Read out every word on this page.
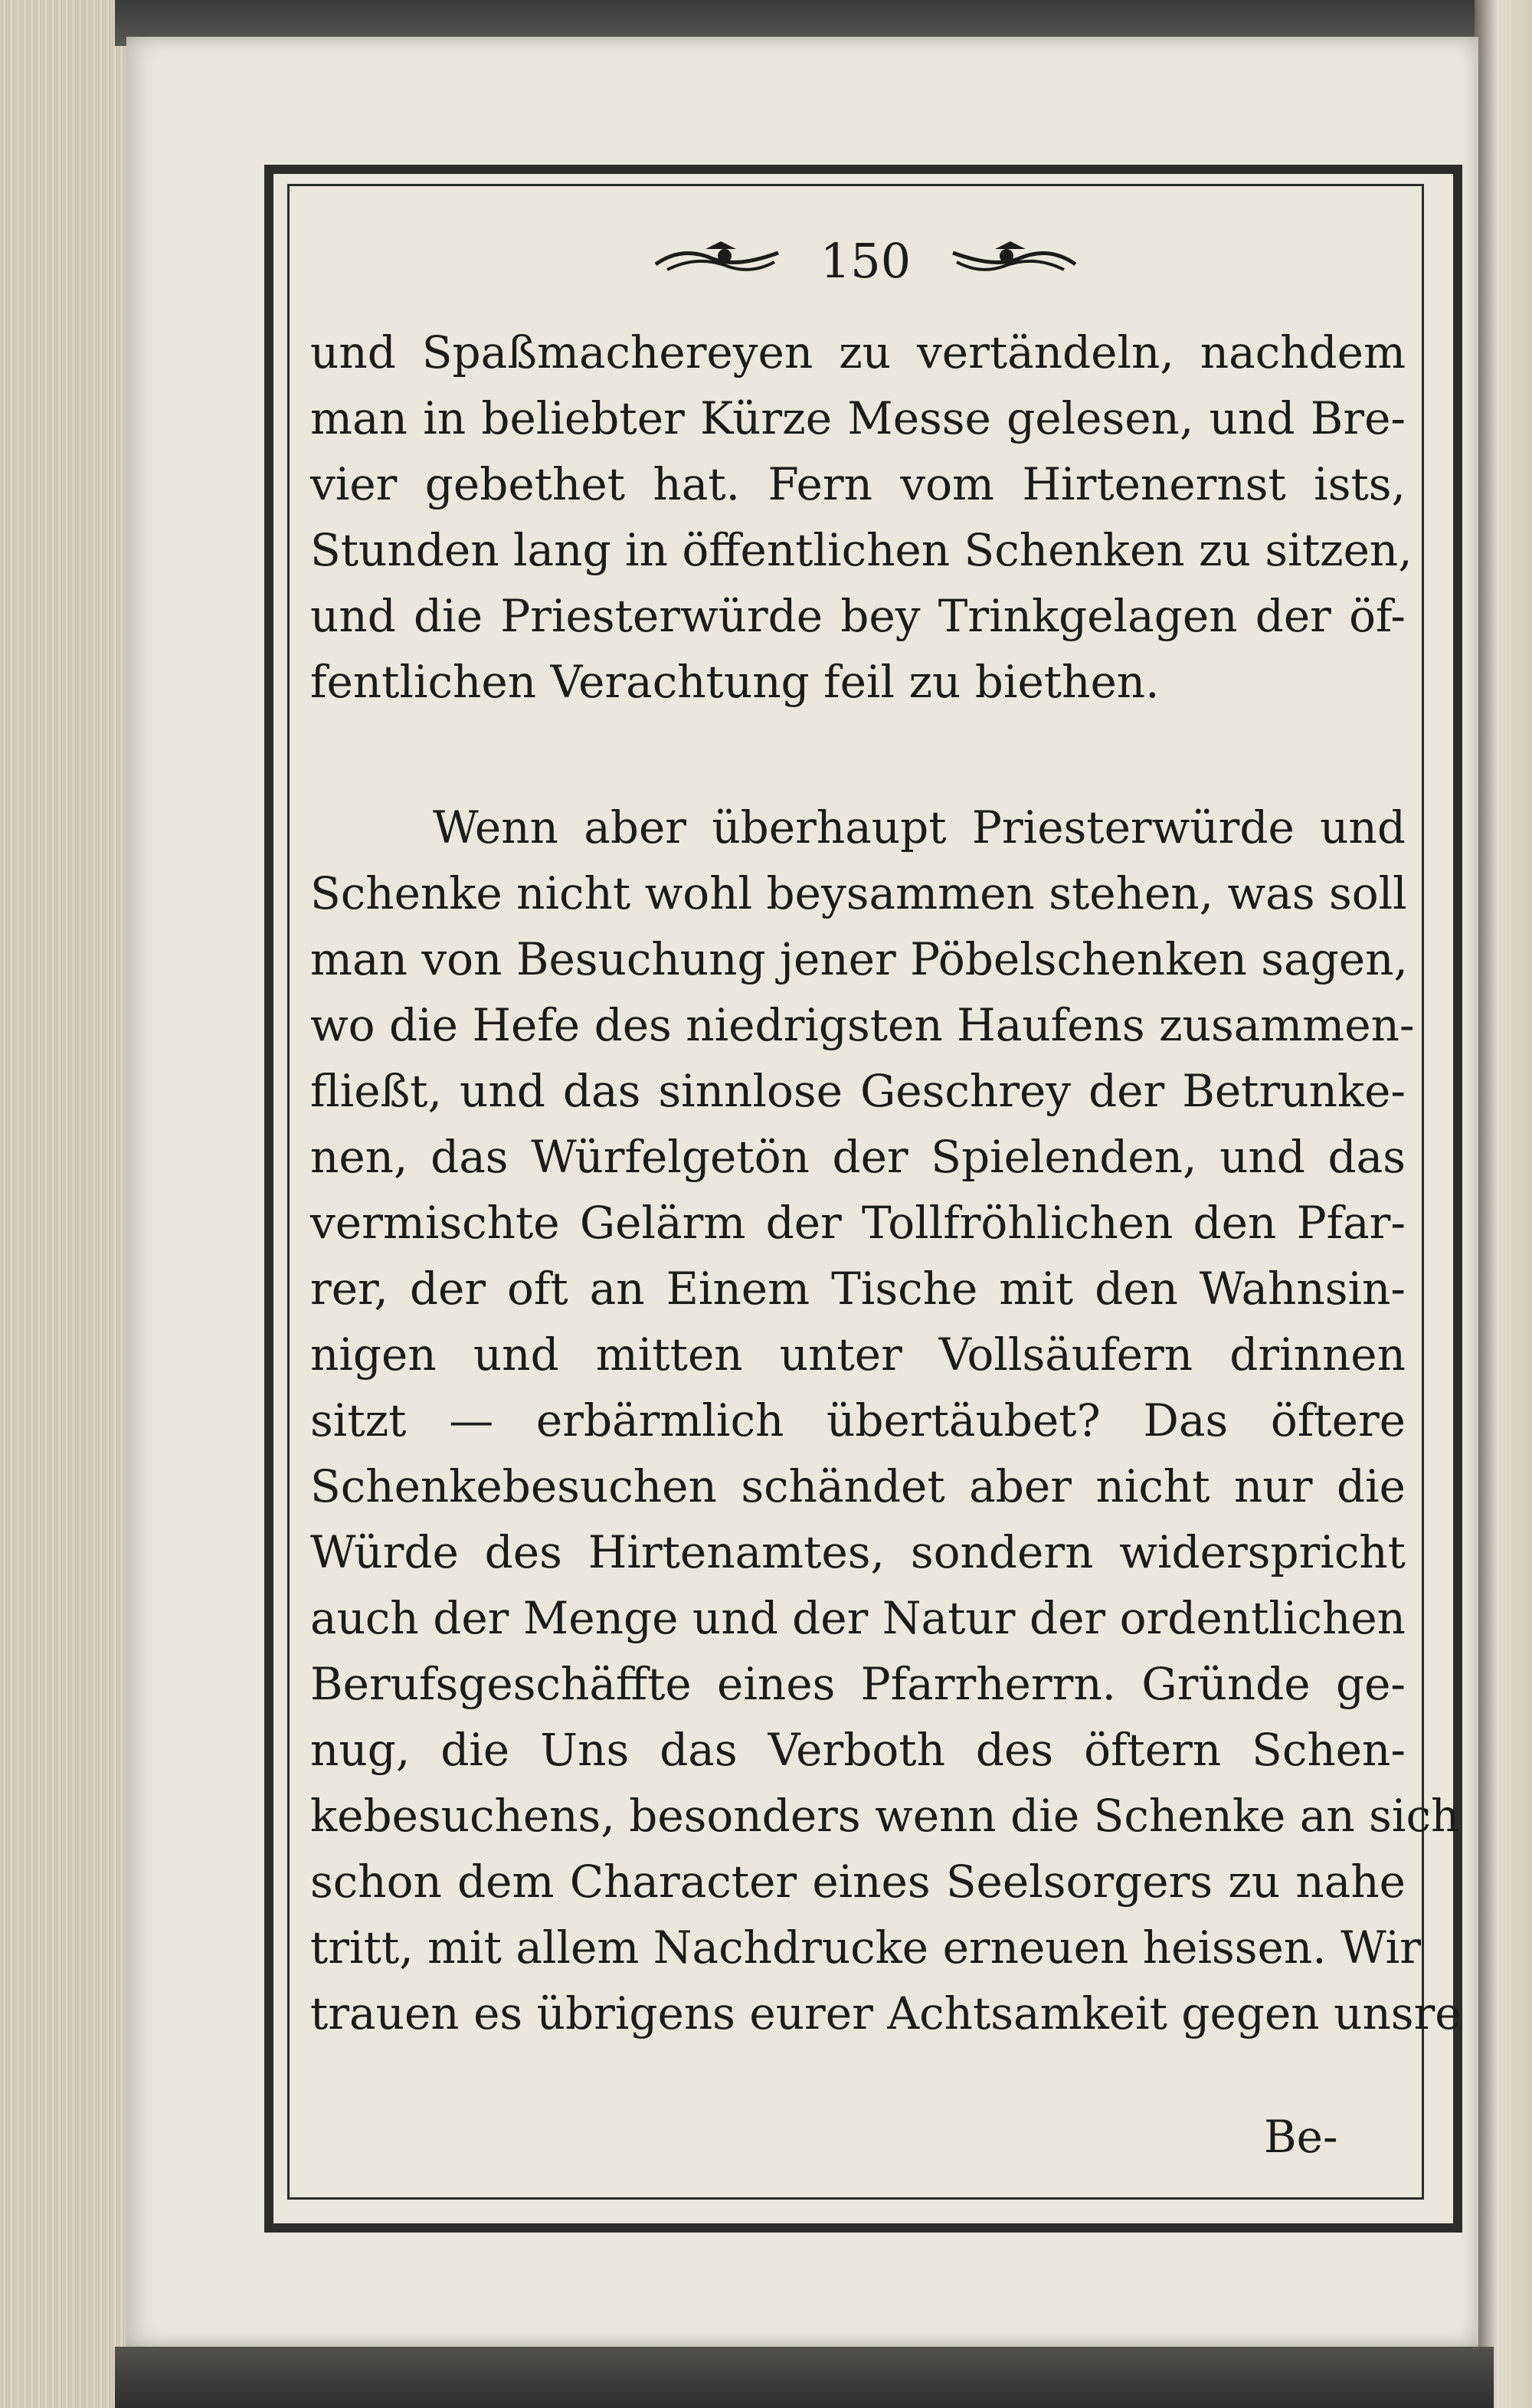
150
und Spaßmachereyen zu vertändeln, nachdem
man in beliebter Kürze Messe gelesen, und Bre-
vier gebethet hat. Fern vom Hirtenernst ists,
Stunden lang in öffentlichen Schenken zu sitzen,
und die Priesterwürde bey Trinkgelagen der öf-
fentlichen Verachtung feil zu biethen.
Wenn aber überhaupt Priesterwürde und
Schenke nicht wohl beysammen stehen, was soll
man von Besuchung jener Pöbelschenken sagen,
wo die Hefe des niedrigsten Haufens zusammen-
fließt, und das sinnlose Geschrey der Betrunke-
nen, das Würfelgetön der Spielenden, und das
vermischte Gelärm der Tollfröhlichen den Pfar-
rer, der oft an Einem Tische mit den Wahnsin-
nigen und mitten unter Vollsäufern drinnen
sitzt — erbärmlich übertäubet? Das öftere
Schenkebesuchen schändet aber nicht nur die
Würde des Hirtenamtes, sondern widerspricht
auch der Menge und der Natur der ordentlichen
Berufsgeschäffte eines Pfarrherrn. Gründe ge-
nug, die Uns das Verboth des öftern Schen-
kebesuchens, besonders wenn die Schenke an sich
schon dem Character eines Seelsorgers zu nahe
tritt, mit allem Nachdrucke erneuen heissen. Wir
trauen es übrigens eurer Achtsamkeit gegen unsre
Be-
